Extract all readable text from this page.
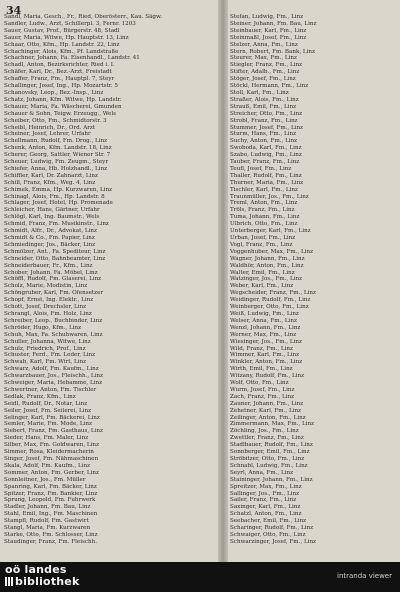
34
Sandl, Maria, Gesch., Fr., Ried, Oberösterr., Kau. Sägw.
Sandler, Ludw., Arzt, Schillerpl. 3, Fernr. 1203
Sauer, Gustav, Prof., Bürgerstr. 48, Stadl
Sauer, Maria, Witwe, Hp. Hauptstr. 13, Linz
Schaar, Otto, Kfm., Hp. Landstr. 22, Linz
Schachinger, Alois, Kfm., Pf. Landstraße
Schachner, Johann, Fa. Eisenhandl., Landstr. 41
Schadl, Anton, Bezirksrichter, Ried i. I.
Schäfer, Karl, Dr., Bez.-Arzt, Freistadt
Schaffer, Franz, Fm., Hauptpl. 7, Steyr
Schallinger, Josef, Ing., Hp. Mozartstr. 5
Schanovsky, Leop., Bez.-Insp., Linz
Schatz, Johann, Kfm. Witwe, Hp. Landstr.
Schauer, Maria, Fa. Wäscherei, Gmunden
Schauer & Sohn, Teigw. Erzeugg., Wels
Scheiber, Otto, Fm., Schmidtorstr. 3
Scheibl, Heinrich, Dr., Ord. Arzt
Scheiner, Josef, Lehrer, Urfahr
Schellmann, Rudolf, Fm. Drog., Linz
Schenk, Anton, Kfm. Landstr. 18, Linz
Scherer, Georg, Sattler, Wiener Str. 7
Scheuer, Ludwig, Fm. Zeugm., Steyr
Schiefer, Anna, Hb. Holzhandl., Linz
Schiffler, Karl, Dr. Zahnarzt, Linz
Schill, Franz, Kfm., Weg. 4, Linz
Schimek, Emma, Hp. Kurzwaren, Linz
Schinagl, Alois, Fm., Hp. Landstr. 8
Schlager, Josef, Hotel, Hp. Promenade
Schleicher, Hans, Gärtner, Urfahr
Schlögl, Karl, Ing. Baumstr., Wels
Schmid, Franz, Fm. Musikinstr., Linz
Schmidt, Alfr., Dr., Advokat, Linz
Schmidt & Co., Fm. Papier, Linz
Schmiedinger, Jos., Bäcker, Linz
Schmölzer, Ant., Fa. Spediteur, Linz
Schneider, Otto, Bahnbeamter, Linz
Schneiderbauer, Fr., Kfm., Linz
Schober, Johann, Fa. Möbel, Linz
Schöffl, Rudolf, Fm. Glaserei, Linz
Scholz, Marie, Modistin, Linz
Schöngruber, Karl, Fm. Ofensetzer
Schopf, Ernst, Ing. Elektr., Linz
Schott, Josef, Drechsler, Linz
Schrangl, Alois, Fm. Holz, Linz
Schreiber, Leop., Buchbinder, Linz
Schröder, Hugo, Kfm., Linz
Schuh, Max, Fa. Schuhwaren, Linz
Schuller, Johanna, Witwe, Linz
Schulz, Friedrich, Prof., Linz
Schuster, Ferd., Fm. Leder, Linz
Schwab, Karl, Fm. Wirt, Linz
Schwarz, Adolf, Fm. Kaufm., Linz
Schwarzbauer, Jos., Fleischh., Linz
Schweiger, Maria, Hebamme, Linz
Schwertner, Anton, Fm. Tischler
Sedlak, Franz, Kfm., Linz
Seidl, Rudolf, Dr., Notar, Linz
Seiler, Josef, Fm. Seilerei, Linz
Selinger, Karl, Fm. Bäckerei, Linz
Semler, Marie, Fm. Mode, Linz
Siebert, Franz, Fm. Gasthaus, Linz
Sieder, Hans, Fm. Maler, Linz
Silber, Max, Fm. Goldwaren, Linz
Simmer, Rosa, Kleidermacherin
Singer, Josef, Fm. Nähmaschinen
Skala, Adolf, Fm. Kaufm., Linz
Sommer, Anton, Fm. Gerber, Linz
Sonnleitner, Jos., Fm. Müller
Spanring, Karl, Fm. Bäcker, Linz
Spitzer, Franz, Fm. Bankier, Linz
Sprung, Leopold, Fm. Fuhrwerk
Stadler, Johann, Fm. Bau, Linz
Stahl, Emil, Ing., Fm. Maschinen
Stampfl, Rudolf, Fm. Gastwirt
Stangl, Maria, Fm. Kurzwaren
Starke, Otto, Fm. Schlosser, Linz
Staudinger, Franz, Fm. Fleischh.
Stefan, Ludwig, Fm., Linz
Steiner, Johann, Fm. Bau, Linz
Steinbauer, Karl, Fm., Linz
Steinmaßl, Josef, Fm., Linz
Stelzer, Anna, Fm., Linz
Stern, Robert, Fm. Bank, Linz
Steurer, Max, Fm., Linz
Stiegler, Franz, Fm., Linz
Stifter, Adalb., Fm., Linz
Stöger, Josef, Fm., Linz
Stöckl, Hermann, Fm., Linz
Stoll, Karl, Fm., Linz
Straßer, Alois, Fm., Linz
Strauß, Emil, Fm., Linz
Streicher, Otto, Fm., Linz
Strobl, Franz, Fm., Linz
Stummer, Josef, Fm., Linz
Sturm, Hans, Fm., Linz
Suchy, Anton, Fm., Linz
Swoboda, Karl, Fm., Linz
Szabo, Ludwig, Fm., Linz
Tauber, Franz, Fm., Linz
Teufl, Josef, Fm., Linz
Thaller, Rudolf, Fm., Linz
Thurner, Maria, Fm., Linz
Tischler, Karl, Fm., Linz
Traunmüller, Jos., Fm., Linz
Treml, Anton, Fm., Linz
Tröls, Franz, Fm., Linz
Tuma, Johann, Fm., Linz
Ulbrich, Otto, Fm., Linz
Unterberger, Karl, Fm., Linz
Urban, Josef, Fm., Linz
Vogl, Franz, Fm., Linz
Voggenhuber, Max, Fm., Linz
Wagner, Johann, Fm., Linz
Waldhör, Anton, Fm., Linz
Walter, Emil, Fm., Linz
Watzinger, Jos., Fm., Linz
Weber, Karl, Fm., Linz
Wegscheider, Franz, Fm., Linz
Weidinger, Rudolf, Fm., Linz
Weinberger, Otto, Fm., Linz
Weiß, Ludwig, Fm., Linz
Welser, Anna, Fm., Linz
Wenzl, Johann, Fm., Linz
Werner, Max, Fm., Linz
Wiesinger, Jos., Fm., Linz
Wild, Franz, Fm., Linz
Wimmer, Karl, Fm., Linz
Winkler, Anton, Fm., Linz
Wirth, Emil, Fm., Linz
Witzany, Rudolf, Fm., Linz
Wolf, Otto, Fm., Linz
Wurm, Josef, Fm., Linz
Zach, Franz, Fm., Linz
Zauner, Johann, Fm., Linz
Zehetner, Karl, Fm., Linz
Zeilinger, Anton, Fm., Linz
Zimmermann, Max, Fm., Linz
Zöchling, Jos., Fm., Linz
Zwettler, Franz, Fm., Linz
Stadlbauer, Rudolf, Fm., Linz
Sonnberger, Emil, Fm., Linz
Ströbitzer, Otto, Fm., Linz
Schnabl, Ludwig, Fm., Linz
Seyrl, Anna, Fm., Linz
Staininger, Johann, Fm., Linz
Spreitzer, Max, Fm., Linz
Sallinger, Jos., Fm., Linz
Sailer, Franz, Fm., Linz
Saxinger, Karl, Fm., Linz
Schatzl, Anton, Fm., Linz
Seebacher, Emil, Fm., Linz
Scharinger, Rudolf, Fm., Linz
Schwaiger, Otto, Fm., Linz
Schwarzinger, Josef, Fm., Linz
oö landes
bibliothek	intranda viewer
